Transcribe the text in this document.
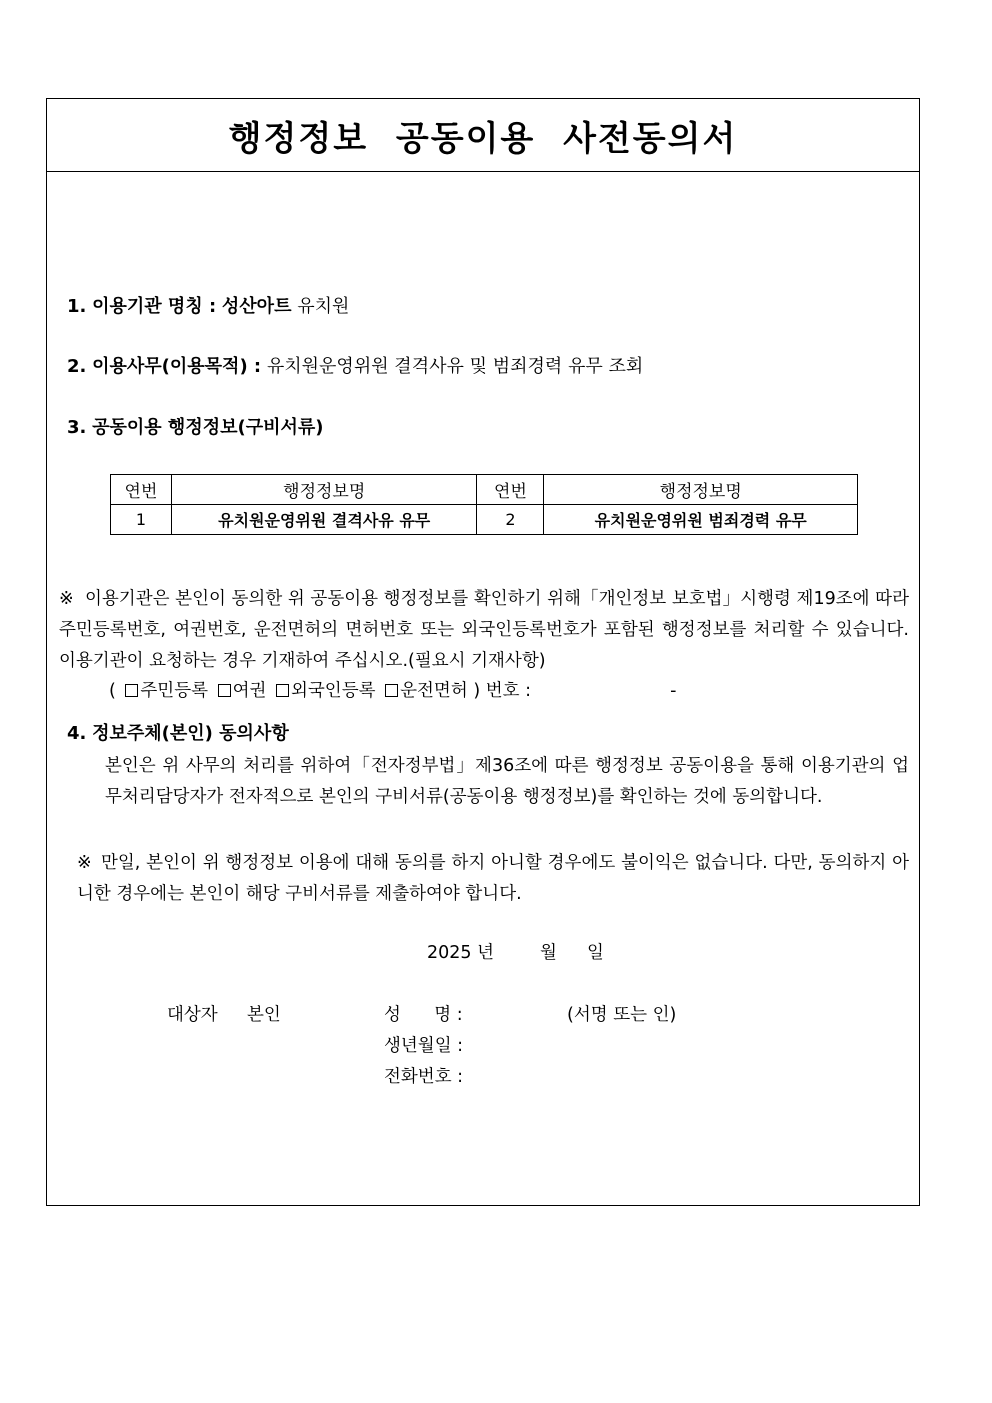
행정정보 공동이용 사전동의서
1. 이용기관 명칭 : 성산아트 유치원
2. 이용사무(이용목적) : 유치원운영위원 결격사유 및 범죄경력 유무 조회
3. 공동이용 행정정보(구비서류)
연번	행정정보명	연번	행정정보명
1	유치원운영위원 결격사유 유무	2	유치원운영위원 범죄경력 유무
※ 이용기관은 본인이 동의한 위 공동이용 행정정보를 확인하기 위해「개인정보 보호법」시행령 제19조에 따라 주민등록번호, 여권번호, 운전면허의 면허번호 또는 외국인등록번호가 포함된 행정정보를 처리할 수 있습니다. 이용기관이 요청하는 경우 기재하여 주십시오.(필요시 기재사항)
( 주민등록 여권 외국인등록 운전면허 ) 번호 :	-
4. 정보주체(본인) 동의사항
본인은 위 사무의 처리를 위하여「전자정부법」제36조에 따른 행정정보 공동이용을 통해 이용기관의 업무처리담당자가 전자적으로 본인의 구비서류(공동이용 행정정보)를 확인하는 것에 동의합니다.
※ 만일, 본인이 위 행정정보 이용에 대해 동의를 하지 아니할 경우에도 불이익은 없습니다. 다만, 동의하지 아니한 경우에는 본인이 해당 구비서류를 제출하여야 합니다.
2025 년	월 일
대상자 본인	성      명 :	(서명 또는 인)
생년월일 :
전화번호 :
